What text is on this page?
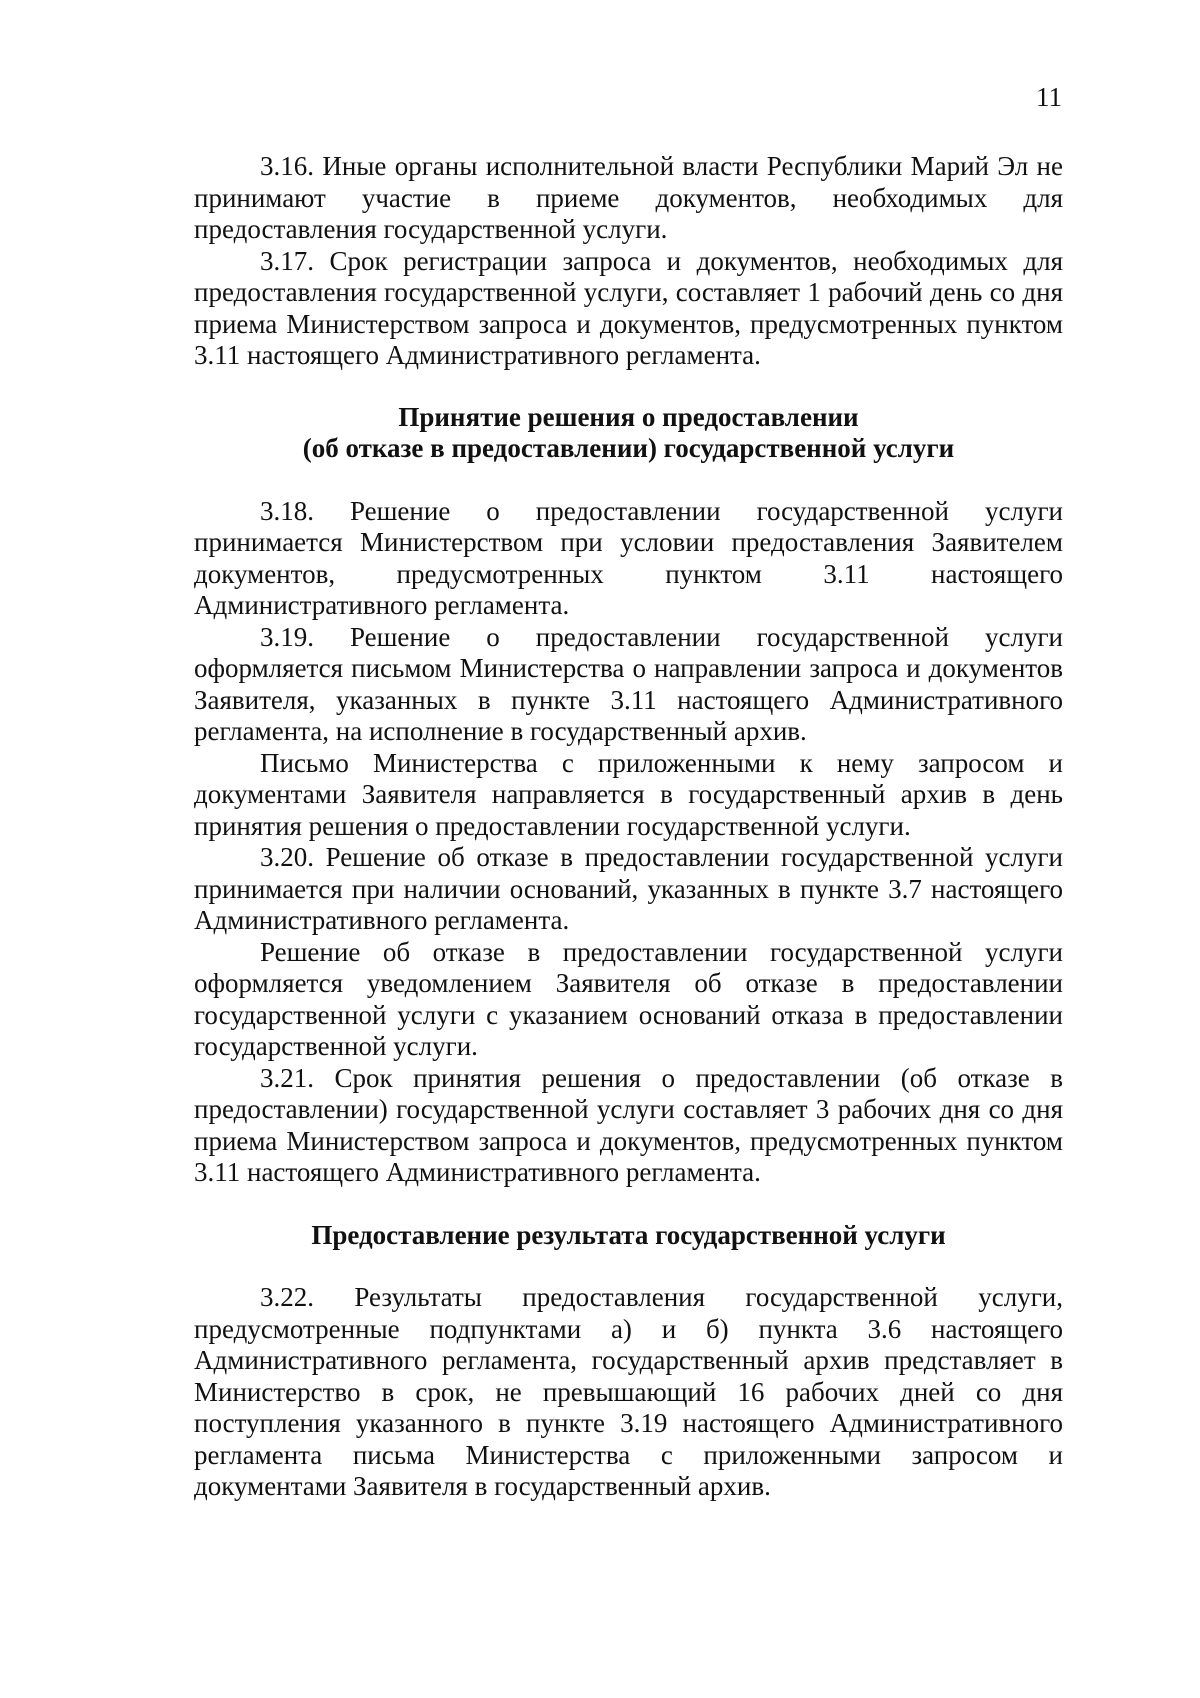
11

3.16. Иные органы исполнительной власти Республики Марий Эл не принимают участие в приеме документов, необходимых для предоставления государственной услуги.

3.17. Срок регистрации запроса и документов, необходимых для предоставления государственной услуги, составляет 1 рабочий день со дня приема Министерством запроса и документов, предусмотренных пунктом 3.11 настоящего Административного регламента.

Принятие решения о предоставлении
(об отказе в предоставлении) государственной услуги

3.18. Решение о предоставлении государственной услуги принимается Министерством при условии предоставления Заявителем документов, предусмотренных пунктом 3.11 настоящего Административного регламента.

3.19. Решение о предоставлении государственной услуги оформляется письмом Министерства о направлении запроса и документов Заявителя, указанных в пункте 3.11 настоящего Административного регламента, на исполнение в государственный архив.

Письмо Министерства с приложенными к нему запросом и документами Заявителя направляется в государственный архив в день принятия решения о предоставлении государственной услуги.

3.20. Решение об отказе в предоставлении государственной услуги принимается при наличии оснований, указанных в пункте 3.7 настоящего Административного регламента.

Решение об отказе в предоставлении государственной услуги оформляется уведомлением Заявителя об отказе в предоставлении государственной услуги с указанием оснований отказа в предоставлении государственной услуги.

3.21. Срок принятия решения о предоставлении (об отказе в предоставлении) государственной услуги составляет 3 рабочих дня со дня приема Министерством запроса и документов, предусмотренных пунктом 3.11 настоящего Административного регламента.

Предоставление результата государственной услуги

3.22. Результаты предоставления государственной услуги, предусмотренные подпунктами а) и б) пункта 3.6 настоящего Административного регламента, государственный архив представляет в Министерство в срок, не превышающий 16 рабочих дней со дня поступления указанного в пункте 3.19 настоящего Административного регламента письма Министерства с приложенными запросом и документами Заявителя в государственный архив.
